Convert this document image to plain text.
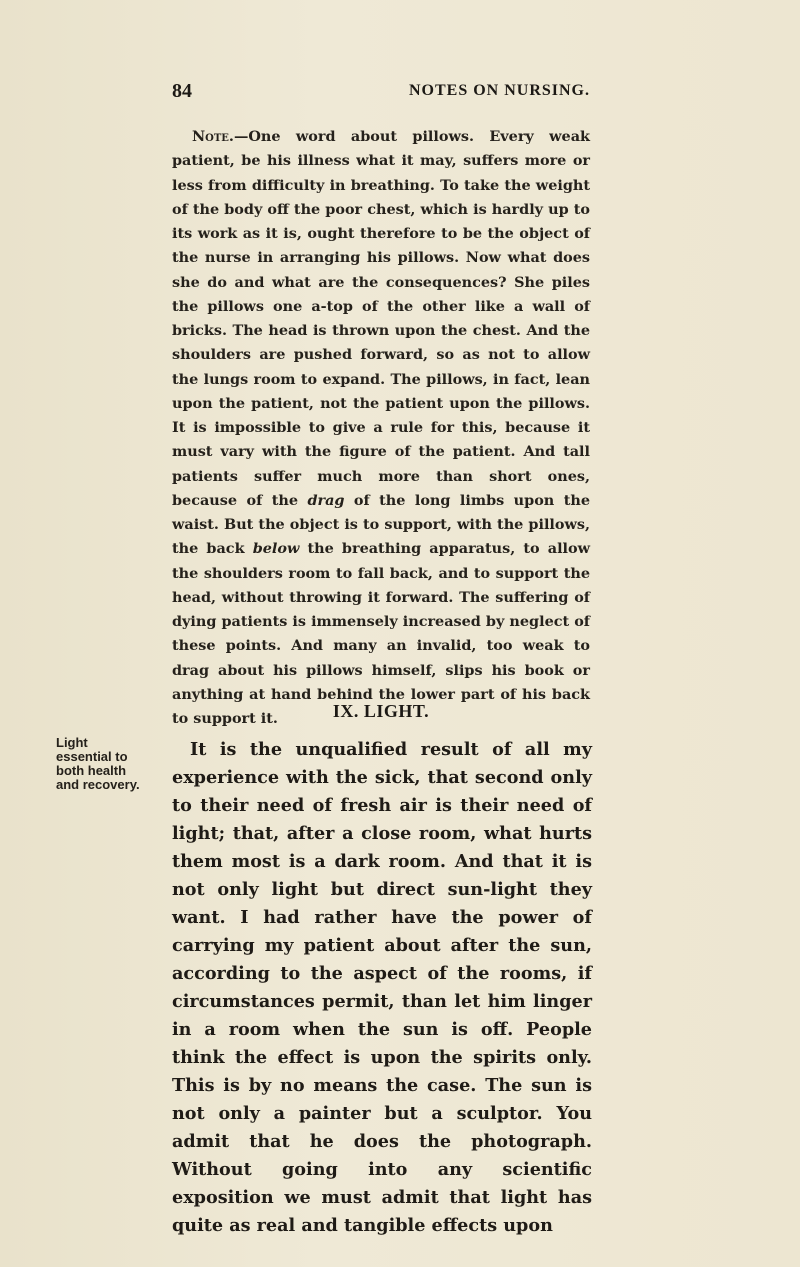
84	NOTES ON NURSING.

Note.—One word about pillows. Every weak patient, be his illness what it may, suffers more or less from difficulty in breathing. To take the weight of the body off the poor chest, which is hardly up to its work as it is, ought therefore to be the object of the nurse in arranging his pillows. Now what does she do and what are the consequences? She piles the pillows one a-top of the other like a wall of bricks. The head is thrown upon the chest. And the shoulders are pushed forward, so as not to allow the lungs room to expand. The pillows, in fact, lean upon the patient, not the patient upon the pillows. It is impossible to give a rule for this, because it must vary with the figure of the patient. And tall patients suffer much more than short ones, because of the drag of the long limbs upon the waist. But the object is to support, with the pillows, the back below the breathing apparatus, to allow the shoulders room to fall back, and to support the head, without throwing it forward. The suffering of dying patients is immensely increased by neglect of these points. And many an invalid, too weak to drag about his pillows himself, slips his book or anything at hand behind the lower part of his back to support it.	IX. LIGHT.
Light essential to both health and recovery.

It is the unqualified result of all my experience with the sick, that second only to their need of fresh air is their need of light; that, after a close room, what hurts them most is a dark room. And that it is not only light but direct sun-light they want. I had rather have the power of carrying my patient about after the sun, according to the aspect of the rooms, if circumstances permit, than let him linger in a room when the sun is off. People think the effect is upon the spirits only. This is by no means the case. The sun is not only a painter but a sculptor. You admit that he does the photograph. Without going into any scientific exposition we must admit that light has quite as real and tangible effects upon
